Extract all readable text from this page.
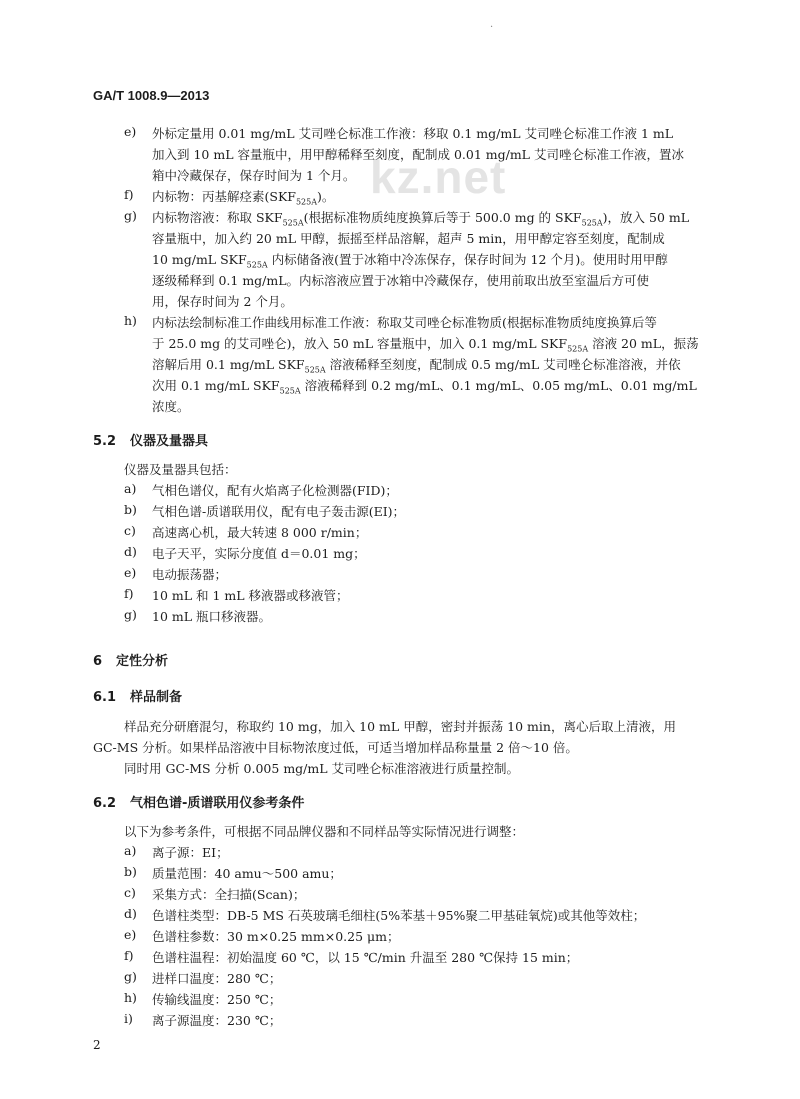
·
GA/T 1008.9—2013
kz.net
e) 外标定量用 0.01 mg/mL 艾司唑仑标准工作液：移取 0.1 mg/mL 艾司唑仑标准工作液 1 mL
加入到 10 mL 容量瓶中，用甲醇稀释至刻度，配制成 0.01 mg/mL 艾司唑仑标准工作液，置冰
箱中冷藏保存，保存时间为 1 个月。
f) 内标物：丙基解痉素$(SKF_{525A})$。
g) 内标物溶液：称取 $SKF_{525A}$(根据标准物质纯度换算后等于 500.0 mg 的 $SKF_{525A}$)，放入 50 mL
容量瓶中，加入约 20 mL 甲醇，振摇至样品溶解，超声 5 min，用甲醇定容至刻度，配制成
10 mg/mL $SKF_{525A}$ 内标储备液(置于冰箱中冷冻保存，保存时间为 12 个月)。使用时用甲醇
逐级稀释到 0.1 mg/mL。内标溶液应置于冰箱中冷藏保存，使用前取出放至室温后方可使
用，保存时间为 2 个月。
h) 内标法绘制标准工作曲线用标准工作液：称取艾司唑仑标准物质(根据标准物质纯度换算后等
于 25.0 mg 的艾司唑仑)，放入 50 mL 容量瓶中，加入 0.1 mg/mL $SKF_{525A}$ 溶液 20 mL，振荡
溶解后用 0.1 mg/mL $SKF_{525A}$ 溶液稀释至刻度，配制成 0.5 mg/mL 艾司唑仑标准溶液，并依
次用 0.1 mg/mL $SKF_{525A}$ 溶液稀释到 0.2 mg/mL、0.1 mg/mL、0.05 mg/mL、0.01 mg/mL
浓度。
5.2 仪器及量器具
仪器及量器具包括：
a) 气相色谱仪，配有火焰离子化检测器(FID)；
b) 气相色谱-质谱联用仪，配有电子轰击源(EI)；
c) 高速离心机，最大转速 8 000 r/min；
d) 电子天平，实际分度值 d＝0.01 mg；
e) 电动振荡器；
f) 10 mL 和 1 mL 移液器或移液管；
g) 10 mL 瓶口移液器。
6 定性分析
6.1 样品制备
样品充分研磨混匀，称取约 10 mg，加入 10 mL 甲醇，密封并振荡 10 min，离心后取上清液，用
GC-MS 分析。如果样品溶液中目标物浓度过低，可适当增加样品称量量 2 倍～10 倍。
同时用 GC-MS 分析 0.005 mg/mL 艾司唑仑标准溶液进行质量控制。
6.2 气相色谱-质谱联用仪参考条件
以下为参考条件，可根据不同品牌仪器和不同样品等实际情况进行调整：
a) 离子源：EI；
b) 质量范围：40 amu～500 amu；
c) 采集方式：全扫描(Scan)；
d) 色谱柱类型：DB-5 MS 石英玻璃毛细柱(5%苯基＋95%聚二甲基硅氧烷)或其他等效柱；
e) 色谱柱参数：30 m×0.25 mm×0.25 μm；
f) 色谱柱温程：初始温度 60 ℃，以 15 ℃/min 升温至 280 ℃保持 15 min；
g) 进样口温度：280 ℃；
h) 传输线温度：250 ℃；
i) 离子源温度：230 ℃；
2
